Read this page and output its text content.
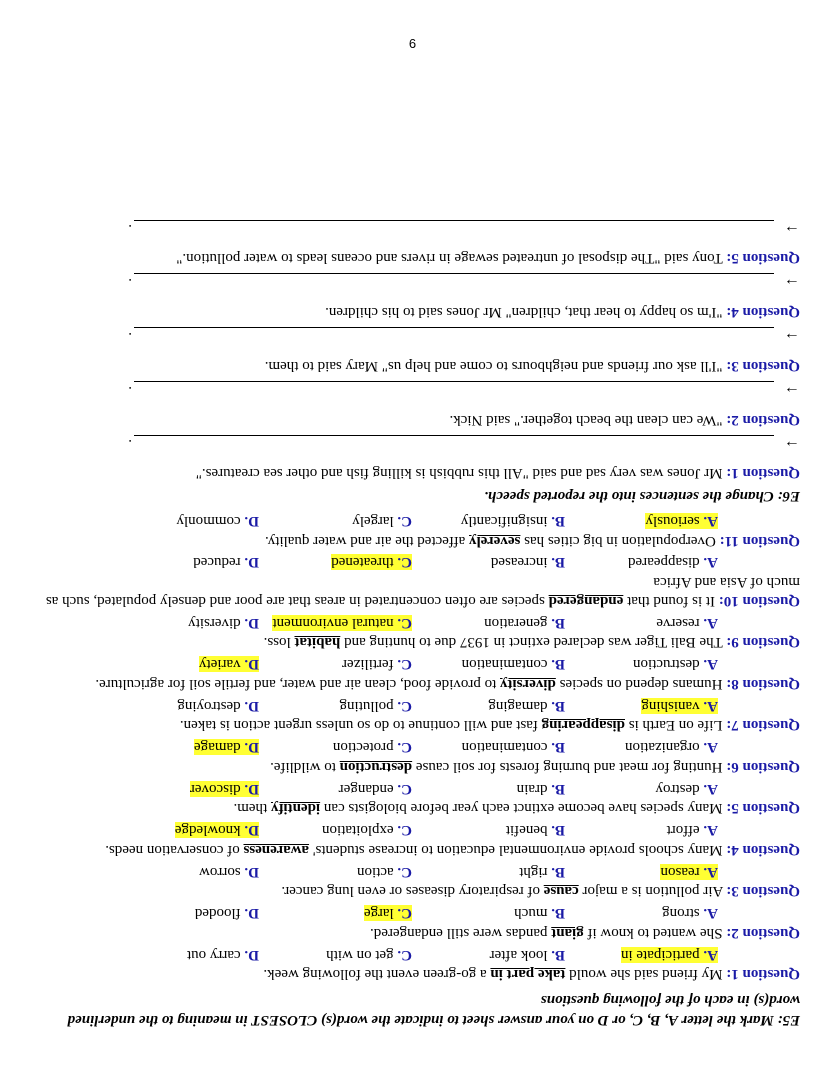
6
E5: Mark the letter A, B, C, or D on your answer sheet to indicate the word(s) CLOSEST in meaning to the underlined word(s) in each of the following questions
Question 1: My friend said she would take part in a go-green event the following week.
A. participate in
B. look after
C. get on with
D. carry out
Question 2: She wanted to know if giant pandas were still endangered.
A. strong
B. much
C. large
D. flooded
Question 3: Air pollution is a major cause of respiratory diseases or even lung cancer.
A. reason
B. right
C. action
D. sorrow
Question 4: Many schools provide environmental education to increase students' awareness of conservation needs.
A. effort
B. benefit
C. exploitation
D. knowledge
Question 5: Many species have become extinct each year before biologists can identify them.
A. destroy
B. drain
C. endanger
D. discover
Question 6: Hunting for meat and burning forests for soil cause destruction to wildlife.
A. organization
B. contamination
C. protection
D. damage
Question 7: Life on Earth is disappearing fast and will continue to do so unless urgent action is taken.
A. vanishing
B. damaging
C. polluting
D. destroying
Question 8: Humans depend on species diversity to provide food, clean air and water, and fertile soil for agriculture.
A. destruction
B. contamination
C. fertilizer
D. variety
Question 9: The Bali Tiger was declared extinct in 1937 due to hunting and habitat loss.
A. reserve
B. generation
C. natural environment
D. diversity
Question 10: It is found that endangered species are often concentrated in areas that are poor and densely populated, such as much of Asia and Africa
A. disappeared
B. increased
C. threatened
D. reduced
Question 11: Overpopulation in big cities has severely affected the air and water quality.
A. seriously
B. insignificantly
C. largely
D. commonly
E6: Change the sentences into the reported speech.
Question 1: Mr Jones was very sad and said "All this rubbish is killing fish and other sea creatures."
→
.
Question 2: "We can clean the beach together." said Nick.
→
.
Question 3: "I'll ask our friends and neighbours to come and help us" Mary said to them.
→
.
Question 4: "I'm so happy to hear that, children" Mr Jones said to his children.
→
.
Question 5: Tony said "The disposal of untreated sewage in rivers and oceans leads to water pollution."
→
.
